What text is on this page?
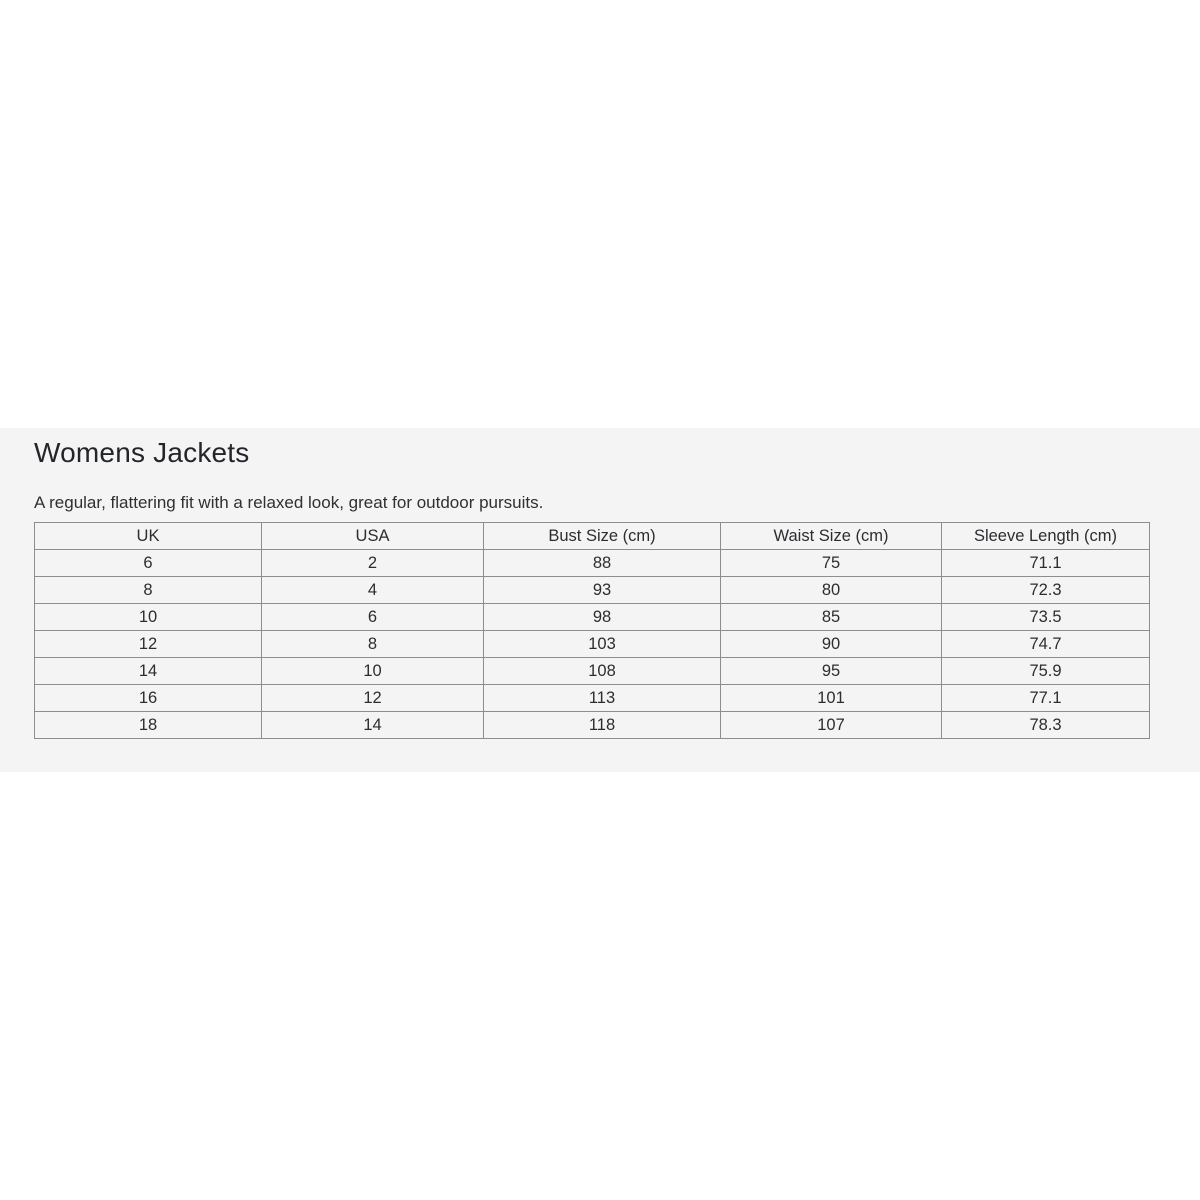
Womens Jackets

A regular, flattering fit with a relaxed look, great for outdoor pursuits.

UK	USA	Bust Size (cm)	Waist Size (cm)	Sleeve Length (cm)
6	2	88	75	71.1
8	4	93	80	72.3
10	6	98	85	73.5
12	8	103	90	74.7
14	10	108	95	75.9
16	12	113	101	77.1
18	14	118	107	78.3
